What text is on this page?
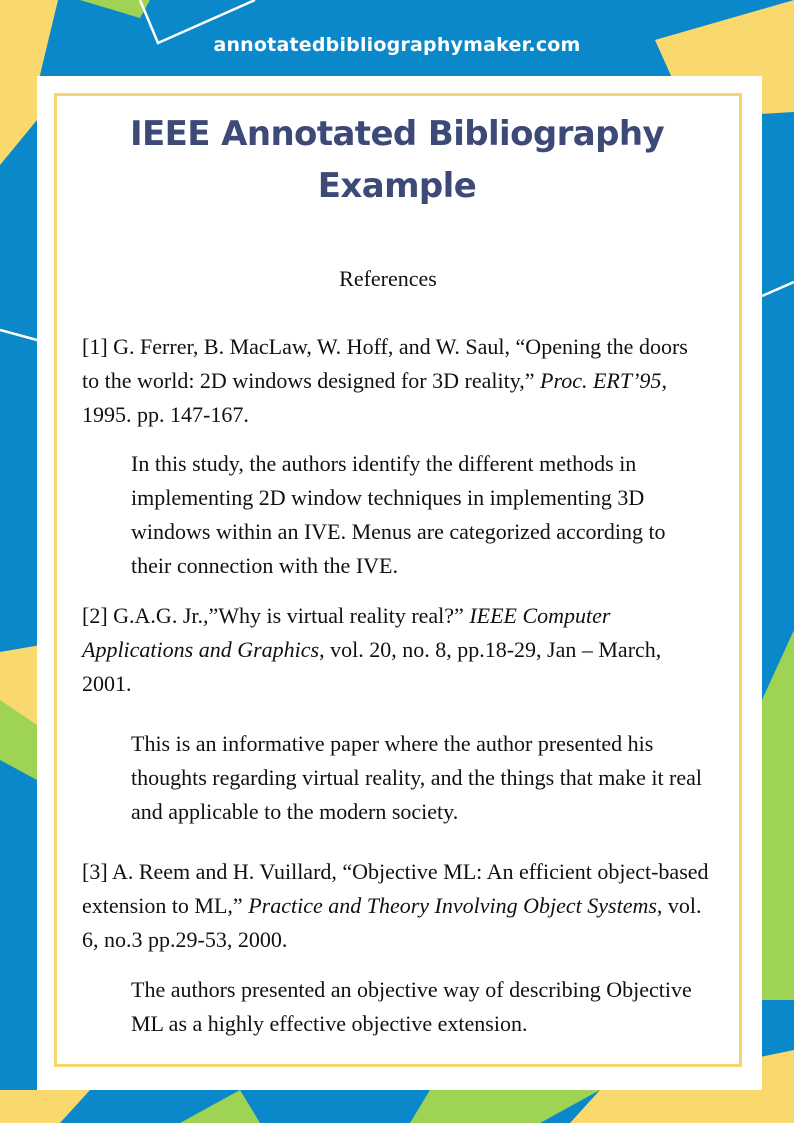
annotatedbibliographymaker.com
IEEE Annotated Bibliography Example
References
[1] G. Ferrer, B. MacLaw, W. Hoff, and W. Saul, “Opening the doors to the world: 2D windows designed for 3D reality,” Proc. ERT’95, 1995. pp. 147-167.
In this study, the authors identify the different methods in implementing 2D window techniques in implementing 3D windows within an IVE. Menus are categorized according to their connection with the IVE.
[2] G.A.G. Jr.,”Why is virtual reality real?” IEEE Computer Applications and Graphics, vol. 20, no. 8, pp.18-29, Jan – March, 2001.
This is an informative paper where the author presented his thoughts regarding virtual reality, and the things that make it real and applicable to the modern society.
[3] A. Reem and H. Vuillard, “Objective ML: An efficient object-based extension to ML,” Practice and Theory Involving Object Systems, vol. 6, no.3 pp.29-53, 2000.
The authors presented an objective way of describing Objective ML as a highly effective objective extension.
